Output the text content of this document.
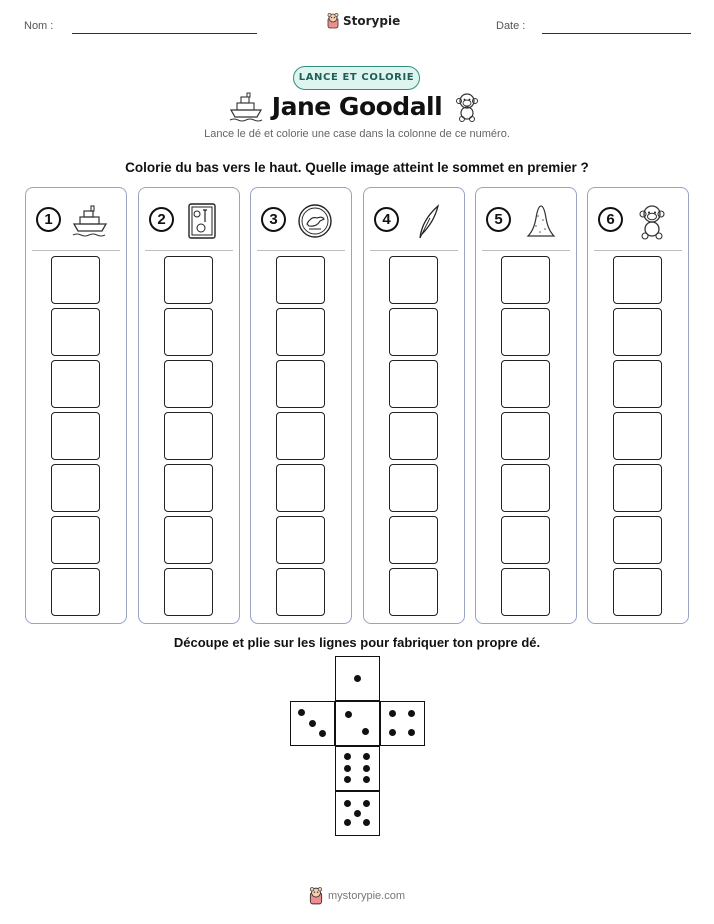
Nom :	Storypie	Date :
LANCE ET COLORIE
Jane Goodall
Lance le dé et colorie une case dans la colonne de ce numéro.
Colorie du bas vers le haut. Quelle image atteint le sommet en premier ?
1	2	3	4	5	6
Découpe et plie sur les lignes pour fabriquer ton propre dé.
mystorypie.com
